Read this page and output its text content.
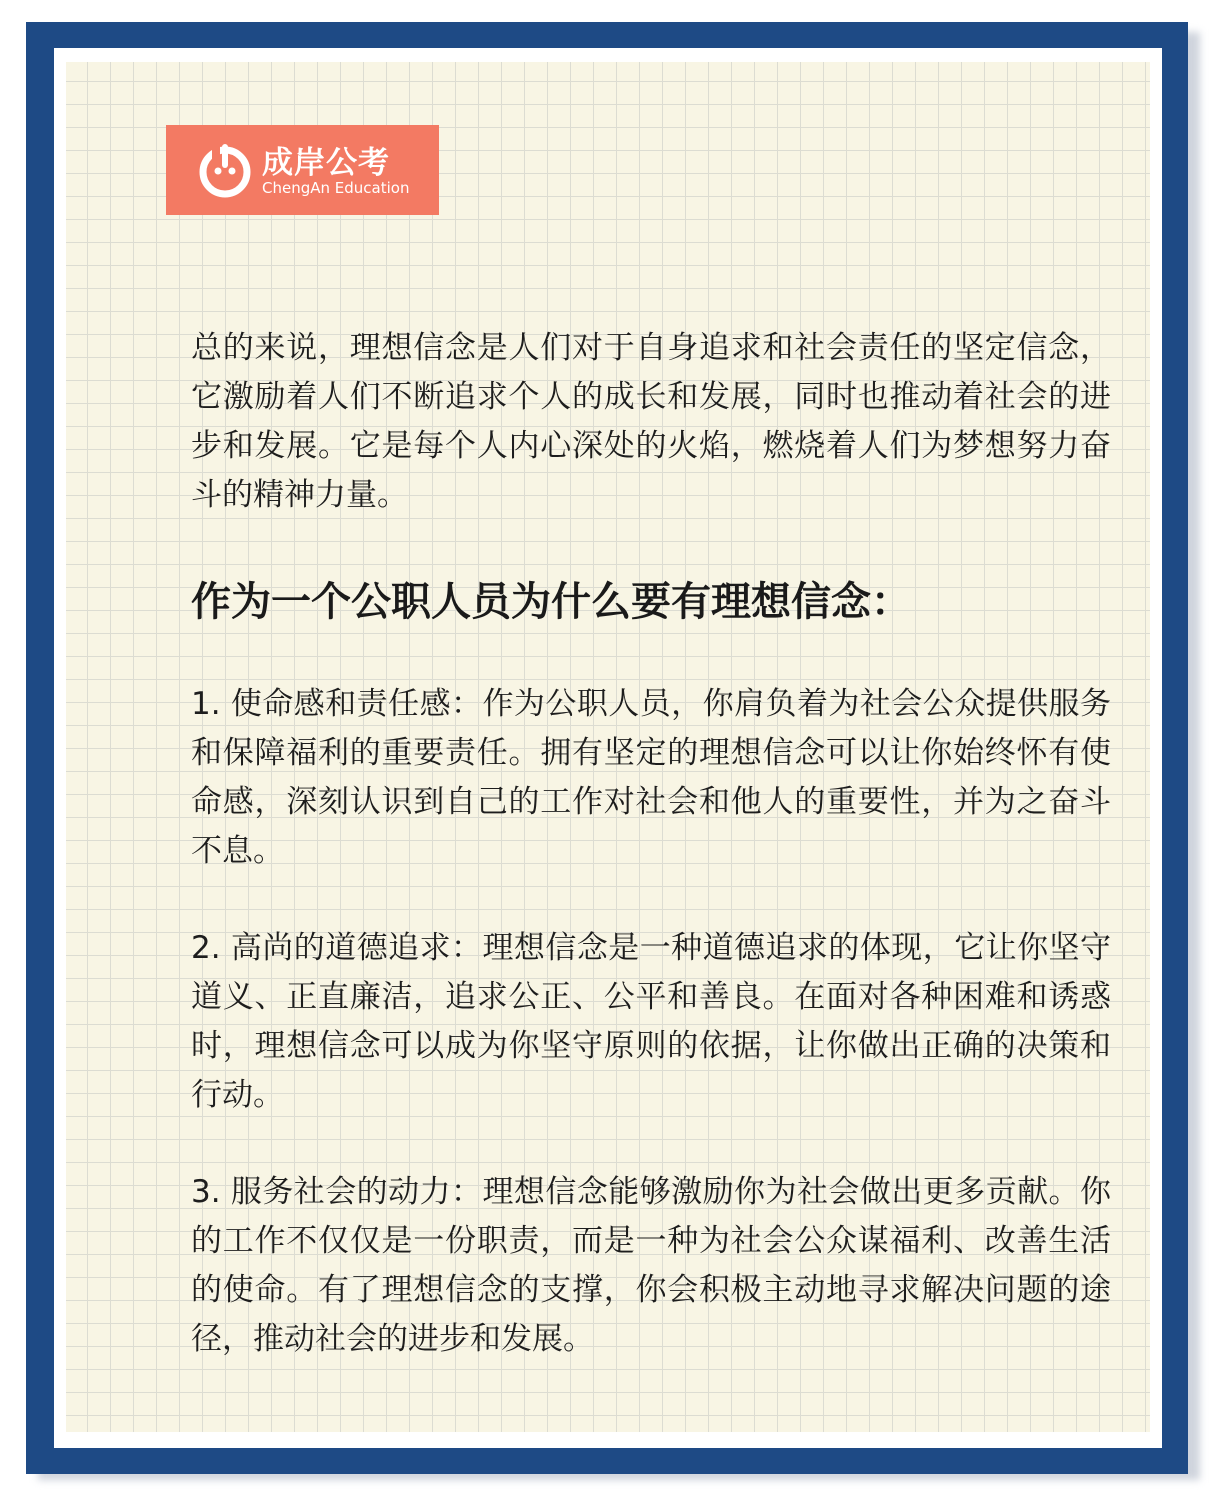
成岸公考
ChengAn Education

总的来说，理想信念是人们对于自身追求和社会责任的坚定信念，它激励着人们不断追求个人的成长和发展，同时也推动着社会的进步和发展。它是每个人内心深处的火焰，燃烧着人们为梦想努力奋斗的精神力量。

作为一个公职人员为什么要有理想信念：

1. 使命感和责任感：作为公职人员，你肩负着为社会公众提供服务和保障福利的重要责任。拥有坚定的理想信念可以让你始终怀有使命感，深刻认识到自己的工作对社会和他人的重要性，并为之奋斗不息。

2. 高尚的道德追求：理想信念是一种道德追求的体现，它让你坚守道义、正直廉洁，追求公正、公平和善良。在面对各种困难和诱惑时，理想信念可以成为你坚守原则的依据，让你做出正确的决策和行动。

3. 服务社会的动力：理想信念能够激励你为社会做出更多贡献。你的工作不仅仅是一份职责，而是一种为社会公众谋福利、改善生活的使命。有了理想信念的支撑，你会积极主动地寻求解决问题的途径，推动社会的进步和发展。
